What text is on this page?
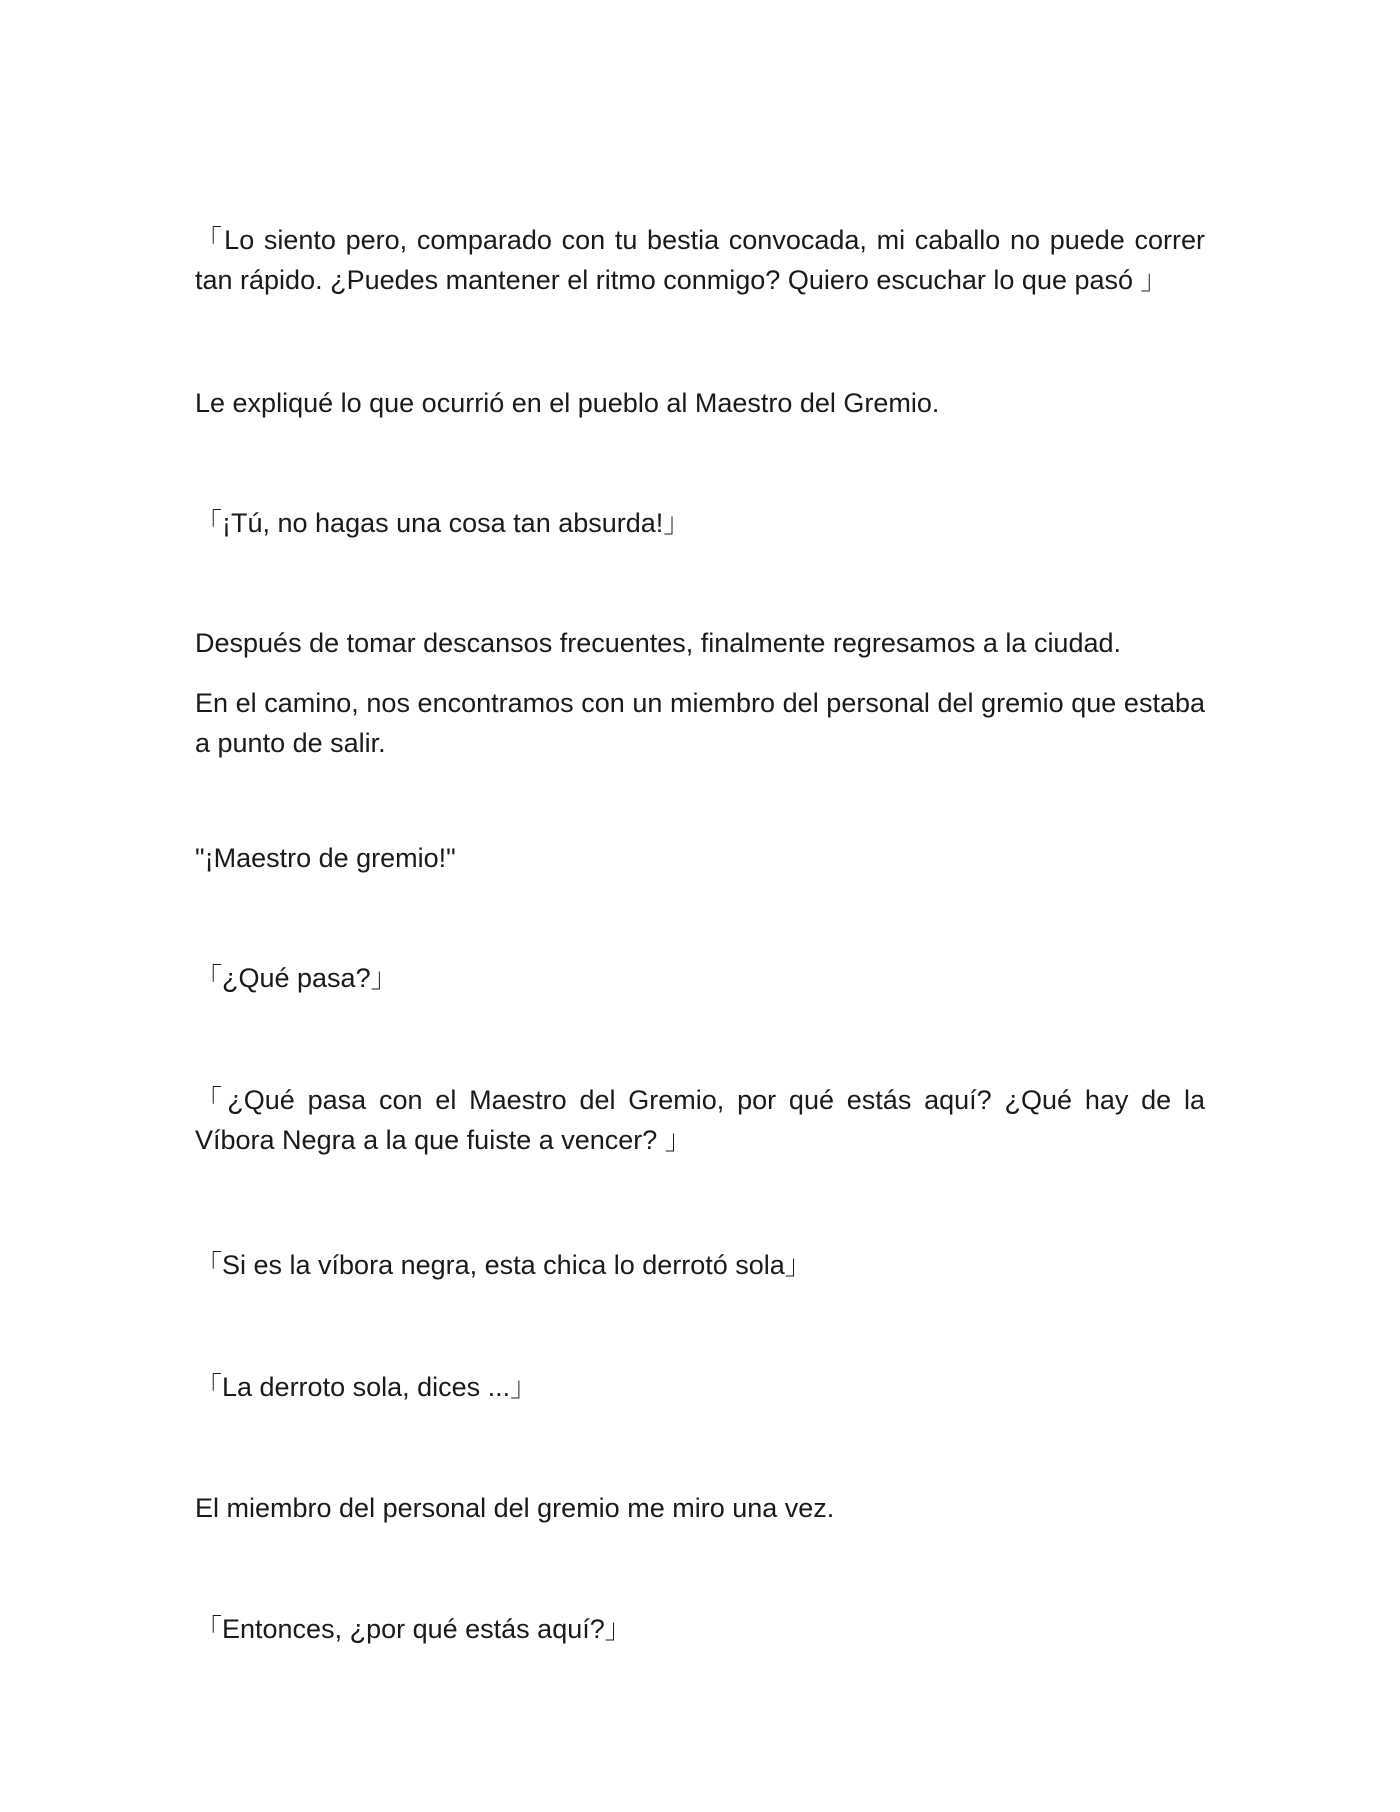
「Lo siento pero, comparado con tu bestia convocada, mi caballo no puede correr tan rápido. ¿Puedes mantener el ritmo conmigo? Quiero escuchar lo que pasó 」

Le expliqué lo que ocurrió en el pueblo al Maestro del Gremio.

「¡Tú, no hagas una cosa tan absurda!」

Después de tomar descansos frecuentes, finalmente regresamos a la ciudad.

En el camino, nos encontramos con un miembro del personal del gremio que estaba a punto de salir.

"¡Maestro de gremio!"

「¿Qué pasa?」

「¿Qué pasa con el Maestro del Gremio, por qué estás aquí? ¿Qué hay de la Víbora Negra a la que fuiste a vencer? 」

「Si es la víbora negra, esta chica lo derrotó sola」

「La derroto sola, dices ...」

El miembro del personal del gremio me miro una vez.

「Entonces, ¿por qué estás aquí?」
